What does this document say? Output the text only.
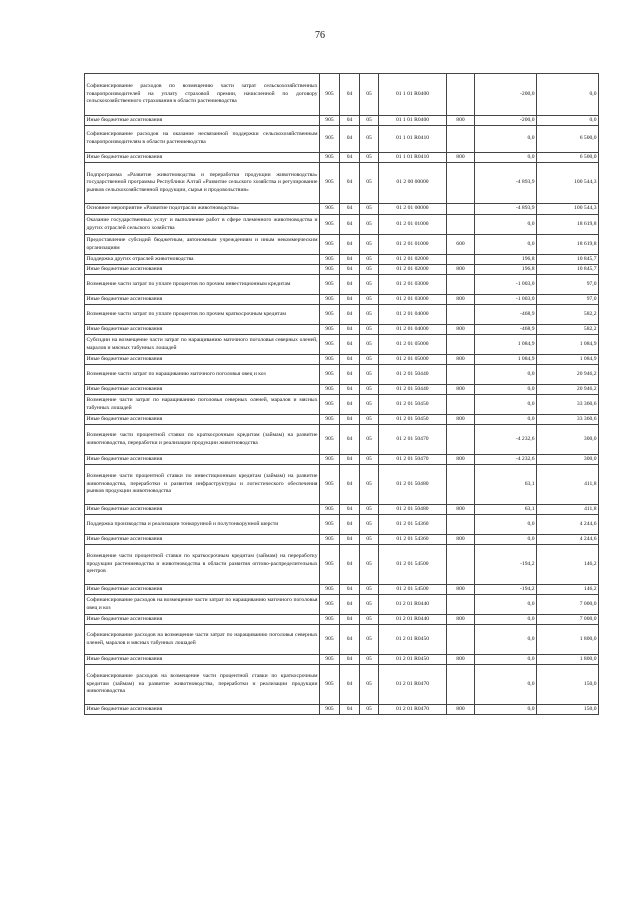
76
Софинансирование расходов по возмещению части затрат сельскохозяйственных товаропроизводителей на уплату страховой премии, начисленной по договору сельскохозяйственного страхования в области растениеводства	905	04	05	01 1 01 R0400		-200,0	0,0
Иные бюджетные ассигнования	905	04	05	01 1 01 R0400	800	-200,0	0,0
Софинансирование расходов на оказание несвязанной поддержки сельскохозяйственным товаропроизводителям в области растениеводства	905	04	05	01 1 01 R0410		0,0	6 500,0
Иные бюджетные ассигнования	905	04	05	01 1 01 R0410	800	0,0	6 500,0
Подпрограмма «Развитие животноводства и переработки продукции животноводства» государственной программы Республики Алтай «Развитие сельского хозяйства и регулирование рынков сельскохозяйственной продукции, сырья и продовольствия»	905	04	05	01 2 00 00000		-4 893,9	100 544,3
Основное мероприятие «Развитие подотрасли животноводства»	905	04	05	01 2 01 00000		-4 893,9	100 544,3
Оказание государственных услуг и выполнение работ в сфере племенного животноводства и других отраслей сельского хозяйства	905	04	05	01 2 01 01000		0,0	18 619,8
Предоставление субсидий бюджетным, автономным учреждениям и иным некоммерческим организациям	905	04	05	01 2 01 01000	600	0,0	18 619,8
Поддержка других отраслей животноводства	905	04	05	01 2 01 02000		196,8	10 845,7
Иные бюджетные ассигнования	905	04	05	01 2 01 02000	800	196,8	10 845,7
Возмещение части затрат по уплате процентов по прочим инвестиционным кредитам	905	04	05	01 2 01 03000		-1 003,0	97,0
Иные бюджетные ассигнования	905	04	05	01 2 01 03000	800	-1 003,0	97,0
Возмещение части затрат по уплате процентов по прочим краткосрочным кредитам	905	04	05	01 2 01 04000		-468,9	582,2
Иные бюджетные ассигнования	905	04	05	01 2 01 04000	800	-468,9	582,2
Субсидии на возмещение части затрат по наращиванию маточного поголовья северных оленей, маралов и мясных табунных лошадей	905	04	05	01 2 01 05000		1 084,9	1 084,9
Иные бюджетные ассигнования	905	04	05	01 2 01 05000	800	1 084,9	1 084,9
Возмещение части затрат по наращиванию маточного поголовья овец и коз	905	04	05	01 2 01 50440		0,0	20 946,2
Иные бюджетные ассигнования	905	04	05	01 2 01 50440	800	0,0	20 946,2
Возмещение части затрат по наращиванию поголовья северных оленей, маралов и мясных табунных лошадей	905	04	05	01 2 01 50450		0,0	33 360,6
Иные бюджетные ассигнования	905	04	05	01 2 01 50450	800	0,0	33 360,6
Возмещение части процентной ставки по краткосрочным кредитам (займам) на развитие животноводства, переработки и реализации продукции животноводства	905	04	05	01 2 01 50470		-4 232,6	300,0
Иные бюджетные ассигнования	905	04	05	01 2 01 50470	800	-4 232,6	300,0
Возмещение части процентной ставки по инвестиционным кредитам (займам) на развитие животноводства, переработки и развития инфраструктуры и логистического обеспечения рынков продукции животноводства	905	04	05	01 2 01 50480		63,1	411,8
Иные бюджетные ассигнования	905	04	05	01 2 01 50480	800	63,1	411,8
Поддержка производства и реализации тонкорунной и полутонкорунной шерсти	905	04	05	01 2 01 54360		0,0	4 244,6
Иные бюджетные ассигнования	905	04	05	01 2 01 54360	800	0,0	4 244,6
Возмещение части процентной ставки по краткосрочным кредитам (займам) на переработку продукции растениеводства и животноводства в области развития оптово-распределительных центров	905	04	05	01 2 01 54500		-194,2	146,2
Иные бюджетные ассигнования	905	04	05	01 2 01 54500	800	-194,2	146,2
Софинансирование расходов на возмещение части затрат по наращиванию маточного поголовья овец и коз	905	04	05	01 2 01 R0440		0,0	7 000,0
Иные бюджетные ассигнования	905	04	05	01 2 01 R0440	800	0,0	7 000,0
Софинансирование расходов на возмещение части затрат по наращиванию поголовья северных оленей, маралов и мясных табунных лошадей	905	04	05	01 2 01 R0450		0,0	1 800,0
Иные бюджетные ассигнования	905	04	05	01 2 01 R0450	800	0,0	1 800,0
Софинансирование расходов на возмещение части процентной ставки по краткосрочным кредитам (займам) на развитие животноводства, переработки и реализации продукции животноводства	905	04	05	01 2 01 R0470		0,0	150,0
Иные бюджетные ассигнования	905	04	05	01 2 01 R0470	800	0,0	150,0
